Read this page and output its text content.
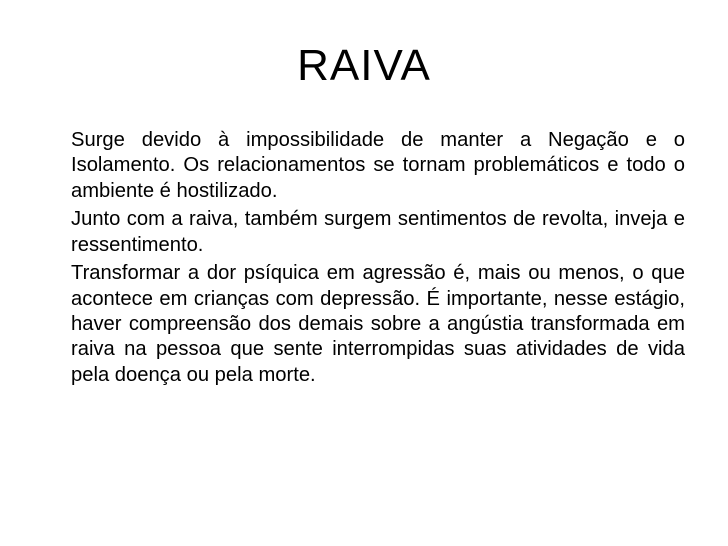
RAIVA

Surge devido à impossibilidade de manter a Negação e o Isolamento. Os relacionamentos se tornam problemáticos e todo o ambiente é hostilizado.

Junto com a raiva, também surgem sentimentos de revolta, inveja e ressentimento.

Transformar a dor psíquica em agressão é, mais ou menos, o que acontece em crianças com depressão. É importante, nesse estágio, haver compreensão dos demais sobre a angústia transformada em raiva na pessoa que sente interrompidas suas atividades de vida pela doença ou pela morte.
